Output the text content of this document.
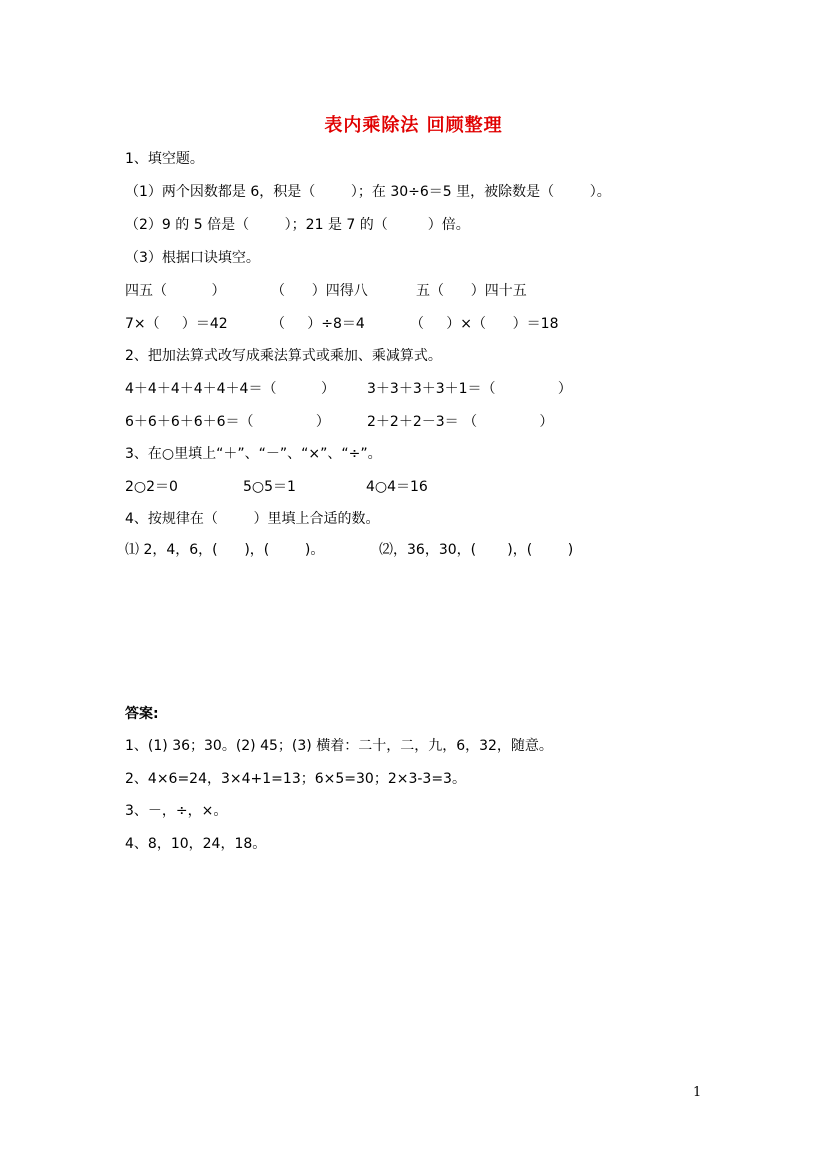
表内乘除法 回顾整理
1、填空题。
（1）两个因数都是 6，积是（        ）；在 30÷6＝5 里，被除数是（        ）。
（2）9 的 5 倍是（        ）；21 是 7 的（         ）倍。
（3）根据口诀填空。
四五（          ）	（      ）四得八	五（      ）四十五
7×（     ）＝42	（     ）÷8＝4	（     ）×（      ）＝18
2、把加法算式改写成乘法算式或乘加、乘减算式。
4＋4＋4＋4＋4＋4＝（          ） 3＋3＋3＋3＋1＝（              ）
6＋6＋6＋6＋6＝（              ）	2＋2＋2－3＝ （              ）
3、在○里填上“＋”、“－”、“×”、“÷”。
2○2＝0	5○5＝1	4○4＝16
4、按规律在（        ）里填上合适的数。
⑴ 2，4，6，(      )，(        )。	⑵，36，30，(       )，(        )
答案:
1、(1) 36；30。(2) 45；(3) 横着：二十，二，九，6，32，随意。
2、4×6=24，3×4+1=13；6×5=30；2×3-3=3。
3、－，÷，×。
4、8，10，24，18。
1
